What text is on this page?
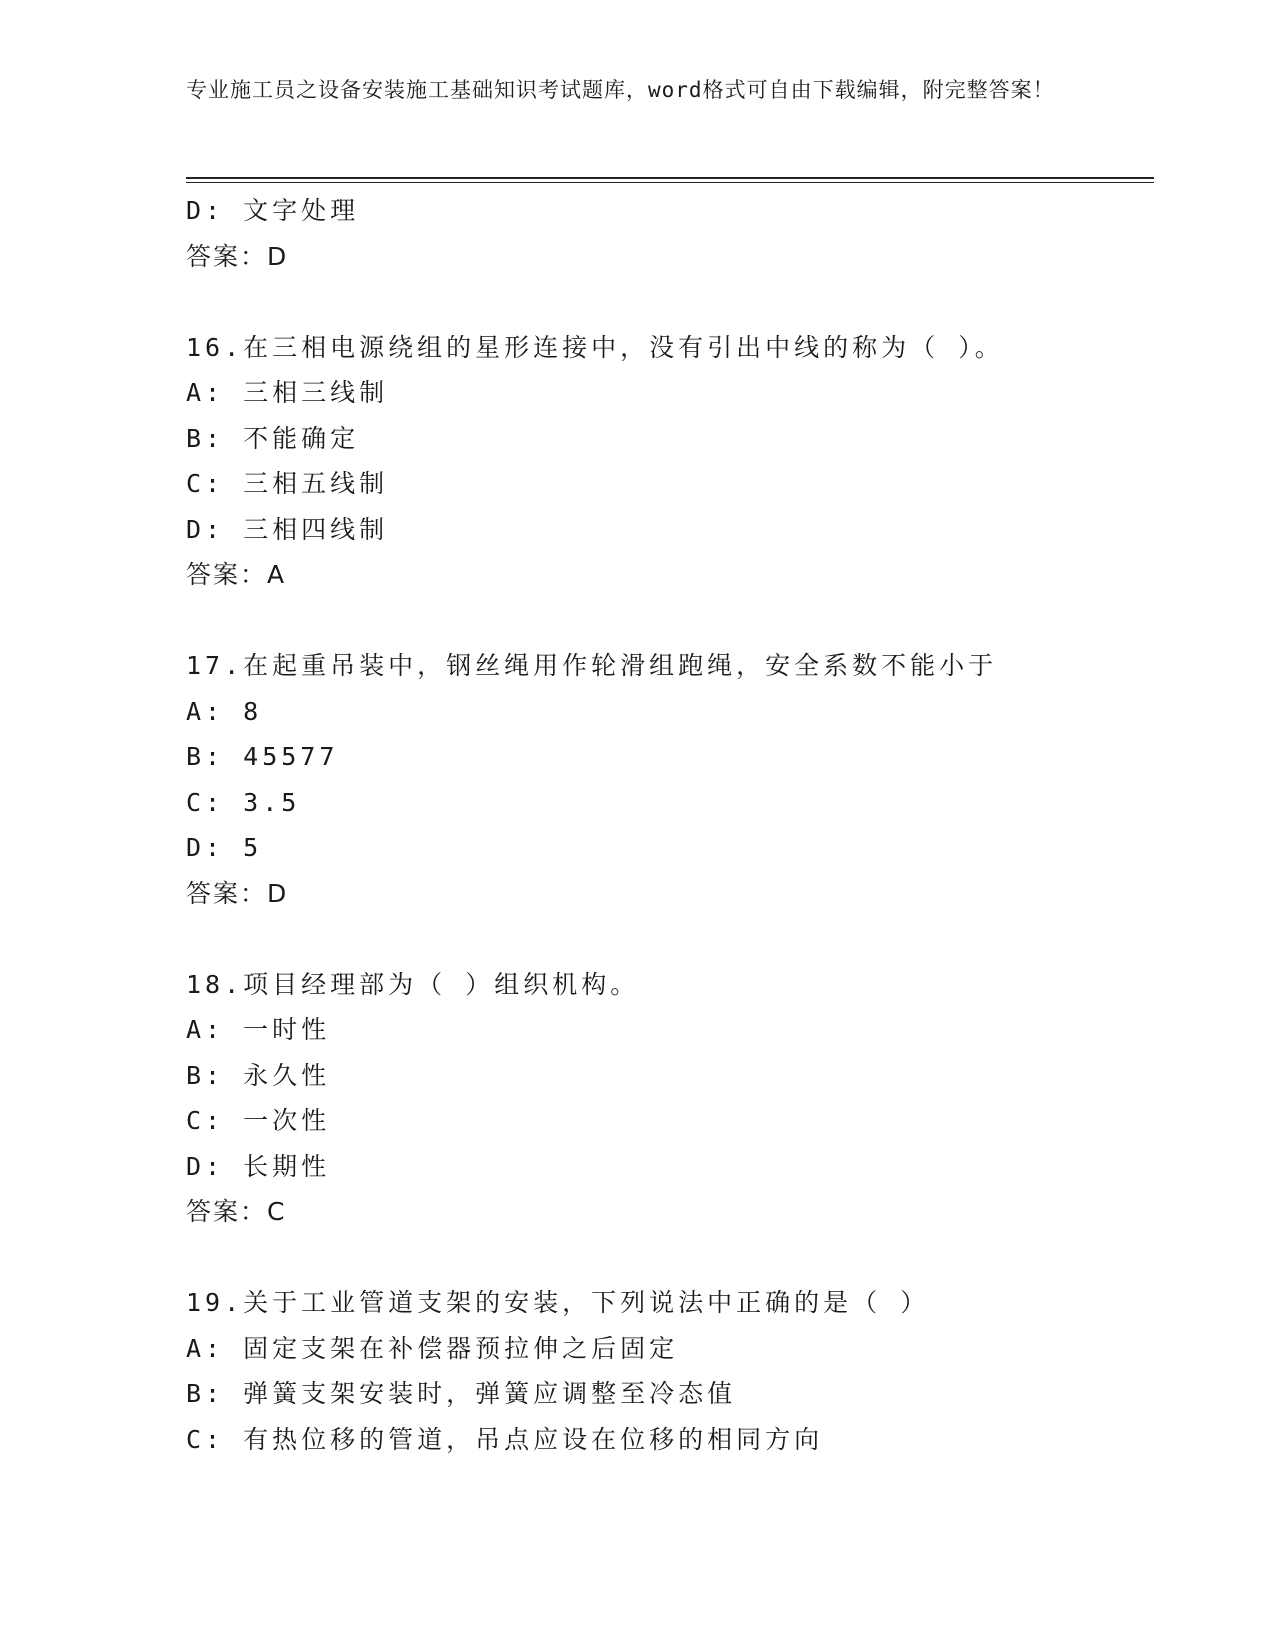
专业施工员之设备安装施工基础知识考试题库，word格式可自由下载编辑，附完整答案！
D: 文字处理
答案：D
16.在三相电源绕组的星形连接中，没有引出中线的称为（ ）。
A: 三相三线制
B: 不能确定
C: 三相五线制
D: 三相四线制
答案：A
17.在起重吊装中，钢丝绳用作轮滑组跑绳，安全系数不能小于
A: 8
B: 45577
C: 3.5
D: 5
答案：D
18.项目经理部为（ ）组织机构。
A: 一时性
B: 永久性
C: 一次性
D: 长期性
答案：C
19.关于工业管道支架的安装，下列说法中正确的是（ ）
A: 固定支架在补偿器预拉伸之后固定
B: 弹簧支架安装时，弹簧应调整至冷态值
C: 有热位移的管道，吊点应设在位移的相同方向
